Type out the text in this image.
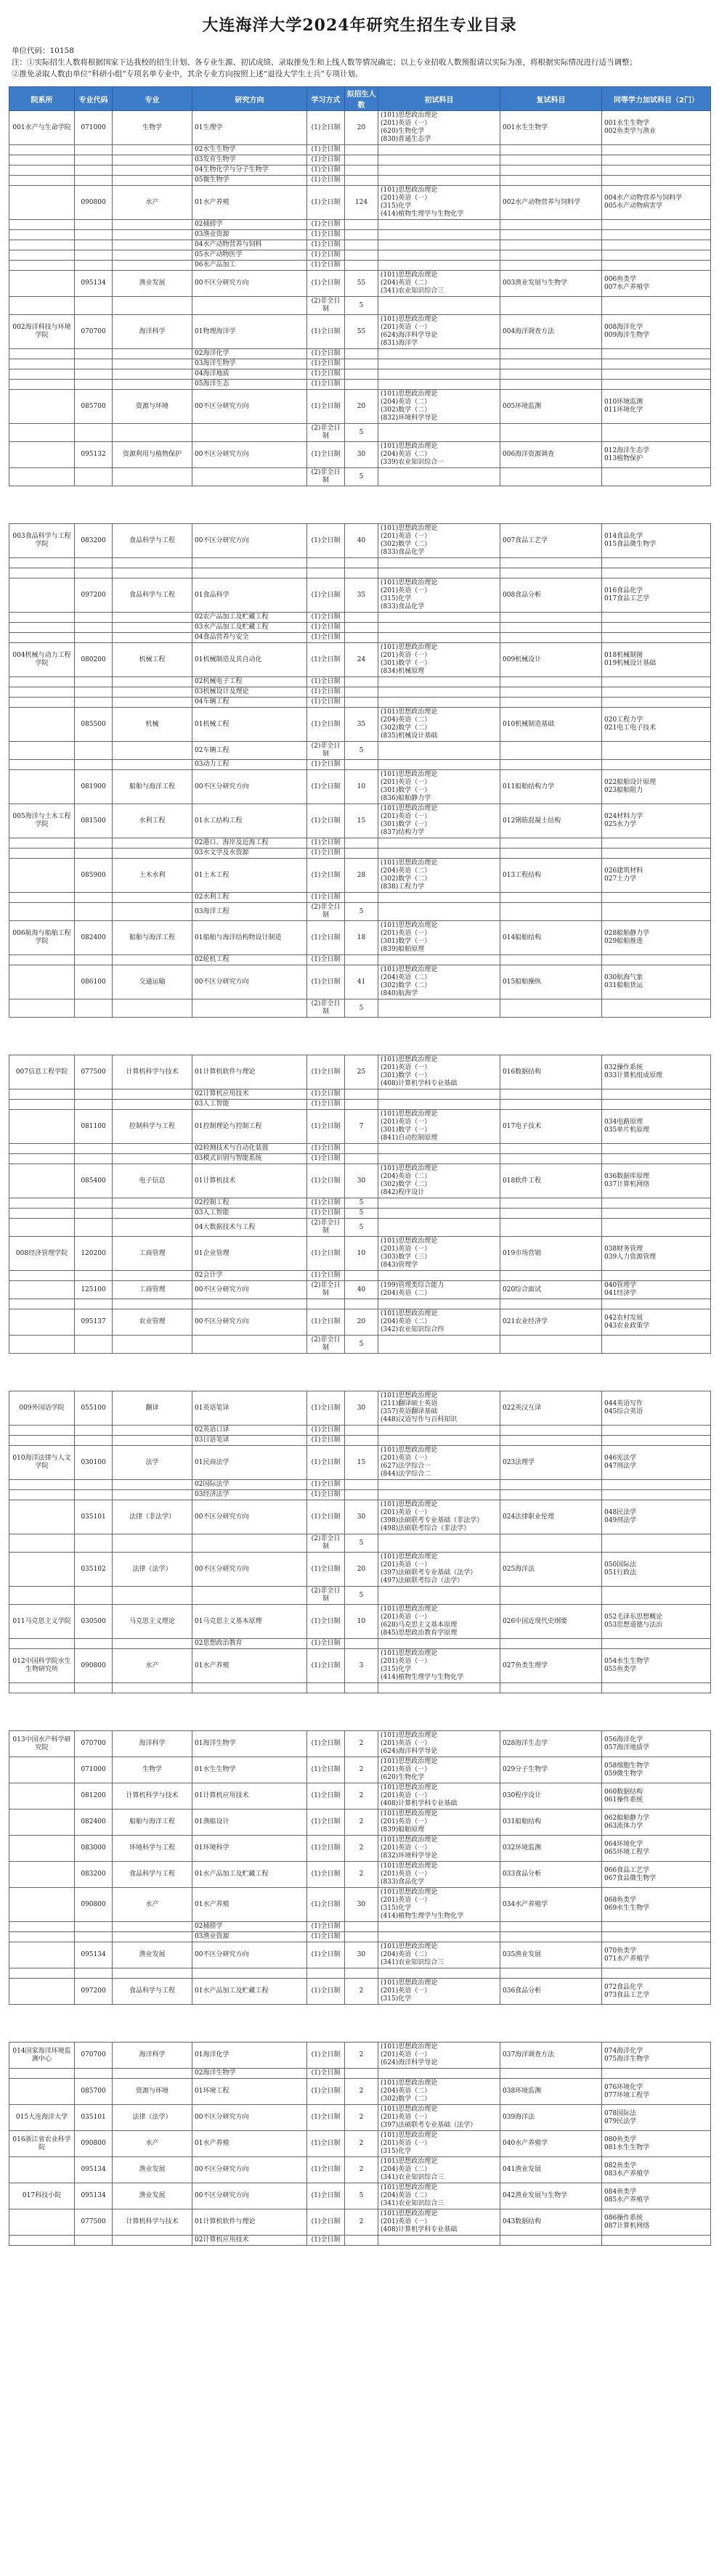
大连海洋大学2024年研究生招生专业目录
单位代码：10158
注：①实际招生人数将根据国家下达我校的招生计划、各专业生源、初试成绩、录取推免生和上线人数等情况确定；以上专业招收人数预报请以实际为准，将根据实际情况进行适当调整；
②推免录取人数由单位“科研小组”专项名单专业中，其余专业方向按照上述“退役大学生士兵”专项计划。
院系所	专业代码	专业	研究方向	学习方式	拟招生人数	初试科目	复试科目	同等学力加试科目（2门）
001水产与生命学院	071000	生物学	01生理学	(1)全日制	20	(101)思想政治理论
(201)英语（一）
(620)生物化学
(830)普通生态学	001水生生物学	001水生生物学
002鱼类学与渔业
			02水生生物学	(1)全日制				
			03发育生物学	(1)全日制				
			04生物化学与分子生物学	(1)全日制				
			05微生物学	(1)全日制				
	090800	水产	01水产养殖	(1)全日制	124	(101)思想政治理论
(201)英语（一）
(315)化学
(414)植物生理学与生物化学	002水产动物营养与饲料学	004水产动物营养与饲料学
005水产动物病害学
			02捕捞学	(1)全日制				
			03渔业资源	(1)全日制				
			04水产动物营养与饲料	(1)全日制				
			05水产动物医学	(1)全日制				
			06水产品加工	(1)全日制				
	095134	渔业发展	00不区分研究方向	(1)全日制	55	(101)思想政治理论
(204)英语（二）
(341)农业知识综合三	003渔业发展与生物学	006鱼类学
007水产养殖学
				(2)非全日制	5			
002海洋科技与环境学院	070700	海洋科学	01物理海洋学	(1)全日制	55	(101)思想政治理论
(201)英语（一）
(624)海洋科学导论
(831)海洋学	004海洋调查方法	008海洋化学
009海洋生物学
			02海洋化学	(1)全日制				
			03海洋生物学	(1)全日制				
			04海洋地质	(1)全日制				
			05海洋生态	(1)全日制				
	085700	资源与环境	00不区分研究方向	(1)全日制	20	(101)思想政治理论
(204)英语（二）
(302)数学（二）
(832)环境科学导论	005环境监测	010环境监测
011环境化学
				(2)非全日制	5			
	095132	资源利用与植物保护	00不区分研究方向	(1)全日制	30	(101)思想政治理论
(204)英语（二）
(339)农业知识综合一	006海洋资源调查	012海洋生态学
013植物保护
				(2)非全日制	5			

003食品科学与工程学院	083200	食品科学与工程	00不区分研究方向	(1)全日制	40	(101)思想政治理论
(201)英语（一）
(302)数学（二）
(833)食品化学	007食品工艺学	014食品化学
015食品微生物学

	097200	食品科学与工程	01食品科学	(1)全日制	35	(101)思想政治理论
(201)英语（一）
(315)化学
(833)食品化学	008食品分析	016食品化学
017食品工艺学
			02农产品加工及贮藏工程	(1)全日制				
			03水产品加工及贮藏工程	(1)全日制				
			04食品营养与安全	(1)全日制				
004机械与动力工程学院	080200	机械工程	01机械制造及其自动化	(1)全日制	24	(101)思想政治理论
(201)英语（一）
(301)数学（一）
(834)机械原理	009机械设计	018机械制图
019机械设计基础
			02机械电子工程	(1)全日制				
			03机械设计及理论	(1)全日制				
			04车辆工程	(1)全日制				
	085500	机械	01机械工程	(1)全日制	35	(101)思想政治理论
(204)英语（二）
(302)数学（二）
(835)机械设计基础	010机械制造基础	020工程力学
021电工电子技术
			02车辆工程	(2)非全日制	5			
			03动力工程	(1)全日制				
	081900	船舶与海洋工程	00不区分研究方向	(1)全日制	10	(101)思想政治理论
(201)英语（一）
(301)数学（一）
(836)船舶静力学	011船舶结构力学	022船舶设计原理
023船舶阻力
005海洋与土木工程学院	081500	水利工程	01水工结构工程	(1)全日制	15	(101)思想政治理论
(201)英语（一）
(301)数学（一）
(837)结构力学	012钢筋混凝土结构	024材料力学
025水力学
			02港口、海岸及近海工程	(1)全日制				
			03水文学及水资源	(1)全日制				
	085900	土木水利	01土木工程	(1)全日制	28	(101)思想政治理论
(204)英语（二）
(302)数学（二）
(838)工程力学	013工程结构	026建筑材料
027土力学
			02水利工程	(1)全日制				
			03海洋工程	(2)非全日制	5			
006航海与船舶工程学院	082400	船舶与海洋工程	01船舶与海洋结构物设计制造	(1)全日制	18	(101)思想政治理论
(201)英语（一）
(301)数学（一）
(839)船舶原理	014船舶结构	028船舶静力学
029船舶推进
			02轮机工程	(1)全日制				
	086100	交通运输	00不区分研究方向	(1)全日制	41	(101)思想政治理论
(204)英语（二）
(302)数学（二）
(840)航海学	015船舶操纵	030航海气象
031船舶货运
				(2)非全日制	5			

007信息工程学院	077500	计算机科学与技术	01计算机软件与理论	(1)全日制	25	(101)思想政治理论
(201)英语（一）
(301)数学（一）
(408)计算机学科专业基础	016数据结构	032操作系统
033计算机组成原理
			02计算机应用技术	(1)全日制				
			03人工智能	(1)全日制				
	081100	控制科学与工程	01控制理论与控制工程	(1)全日制	7	(101)思想政治理论
(201)英语（一）
(301)数学（一）
(841)自动控制原理	017电子技术	034电路原理
035单片机原理
			02检测技术与自动化装置	(1)全日制				
			03模式识别与智能系统	(1)全日制				
	085400	电子信息	01计算机技术	(1)全日制	30	(101)思想政治理论
(204)英语（二）
(302)数学（二）
(842)程序设计	018软件工程	036数据库原理
037计算机网络
			02控制工程	(1)全日制	5			
			03人工智能	(1)全日制	5			
			04大数据技术与工程	(2)非全日制	5			
008经济管理学院	120200	工商管理	01企业管理	(1)全日制	10	(101)思想政治理论
(201)英语（一）
(303)数学（三）
(843)管理学	019市场营销	038财务管理
039人力资源管理
			02会计学	(1)全日制				
	125100	工商管理	00不区分研究方向	(2)非全日制	40	(199)管理类综合能力
(204)英语（二）	020综合面试	040管理学
041经济学

	095137	农业管理	00不区分研究方向	(1)全日制	20	(101)思想政治理论
(204)英语（二）
(342)农业知识综合四	021农业经济学	042农村发展
043农业政策学
				(2)非全日制	5			

009外国语学院	055100	翻译	01英语笔译	(1)全日制	30	(101)思想政治理论
(211)翻译硕士英语
(357)英语翻译基础
(448)汉语写作与百科知识	022英汉互译	044英语写作
045综合英语
			02英语口译	(1)全日制				
			03日语笔译	(1)全日制				
010海洋法律与人文学院	030100	法学	01民商法学	(1)全日制	15	(101)思想政治理论
(201)英语（一）
(627)法学综合一
(844)法学综合二	023法理学	046宪法学
047刑法学
			02国际法学	(1)全日制				
			03经济法学	(1)全日制				
	035101	法律（非法学）	00不区分研究方向	(1)全日制	30	(101)思想政治理论
(201)英语（一）
(398)法硕联考专业基础（非法学）
(498)法硕联考综合（非法学）	024法律职业伦理	048民法学
049刑法学
				(2)非全日制	5			
	035102	法律（法学）	00不区分研究方向	(1)全日制	20	(101)思想政治理论
(201)英语（一）
(397)法硕联考专业基础（法学）
(497)法硕联考综合（法学）	025海洋法	050国际法
051行政法
				(2)非全日制	5			
011马克思主义学院	030500	马克思主义理论	01马克思主义基本原理	(1)全日制	10	(101)思想政治理论
(201)英语（一）
(628)马克思主义基本原理
(845)思想政治教育学原理	026中国近现代史纲要	052毛泽东思想概论
053思想道德与法治
			02思想政治教育	(1)全日制				
012中国科学院水生生物研究所	090800	水产	01水产养殖	(1)全日制	3	(101)思想政治理论
(201)英语（一）
(315)化学
(414)植物生理学与生物化学	027鱼类生理学	054水生生物学
055鱼类学

013中国水产科学研究院	070700	海洋科学	01海洋生物学	(1)全日制	2	(101)思想政治理论
(201)英语（一）
(624)海洋科学导论	028海洋生态学	056海洋化学
057海洋地质学
	071000	生物学	01水生生物学	(1)全日制	2	(101)思想政治理论
(201)英语（一）
(620)生物化学	029分子生物学	058细胞生物学
059微生物学
	081200	计算机科学与技术	01计算机应用技术	(1)全日制	2	(101)思想政治理论
(201)英语（一）
(408)计算机学科专业基础	030程序设计	060数据结构
061操作系统
	082400	船舶与海洋工程	01渔船设计	(1)全日制	2	(101)思想政治理论
(201)英语（一）
(839)船舶原理	031船舶结构	062船舶静力学
063流体力学
	083000	环境科学与工程	01环境科学	(1)全日制	2	(101)思想政治理论
(201)英语（一）
(832)环境科学导论	032环境监测	064环境化学
065环境工程学
	083200	食品科学与工程	01水产品加工及贮藏工程	(1)全日制	2	(101)思想政治理论
(201)英语（一）
(833)食品化学	033食品分析	066食品工艺学
067食品微生物学
	090800	水产	01水产养殖	(1)全日制	30	(101)思想政治理论
(201)英语（一）
(315)化学
(414)植物生理学与生物化学	034水产养殖学	068鱼类学
069水生生物学
			02捕捞学	(1)全日制				
			03渔业资源	(1)全日制				
	095134	渔业发展	00不区分研究方向	(1)全日制	30	(101)思想政治理论
(204)英语（二）
(341)农业知识综合三	035渔业发展	070鱼类学
071水产养殖学

	097200	食品科学与工程	01水产品加工及贮藏工程	(1)全日制	2	(101)思想政治理论
(201)英语（一）
(315)化学	036食品分析	072食品化学
073食品工艺学

014国家海洋环境监测中心	070700	海洋科学	01海洋化学	(1)全日制	2	(101)思想政治理论
(201)英语（一）
(624)海洋科学导论	037海洋调查方法	074海洋化学
075海洋生物学
			02海洋生物学	(1)全日制				
	085700	资源与环境	01环境工程	(1)全日制	2	(101)思想政治理论
(204)英语（二）
(302)数学（二）	038环境监测	076环境化学
077环境工程学
015大连海洋大学	035101	法律（法学）	00不区分研究方向	(1)全日制	2	(101)思想政治理论
(201)英语（一）
(397)法硕联考专业基础（法学）	039海洋法	078国际法
079民法学
016浙江省农业科学院	090800	水产	01水产养殖	(1)全日制	2	(101)思想政治理论
(201)英语（一）
(315)化学	040水产养殖学	080鱼类学
081水生生物学
	095134	渔业发展	00不区分研究方向	(1)全日制	2	(101)思想政治理论
(204)英语（二）
(341)农业知识综合三	041渔业发展	082鱼类学
083水产养殖学
017科技小院	095134	渔业发展	00不区分研究方向	(1)全日制	5	(101)思想政治理论
(204)英语（二）
(341)农业知识综合三	042渔业发展与生物学	084鱼类学
085水产养殖学
	077500	计算机科学与技术	01计算机软件与理论	(1)全日制	2	(101)思想政治理论
(201)英语（一）
(408)计算机学科专业基础	043数据结构	086操作系统
087计算机网络
			02计算机应用技术	(1)全日制				
